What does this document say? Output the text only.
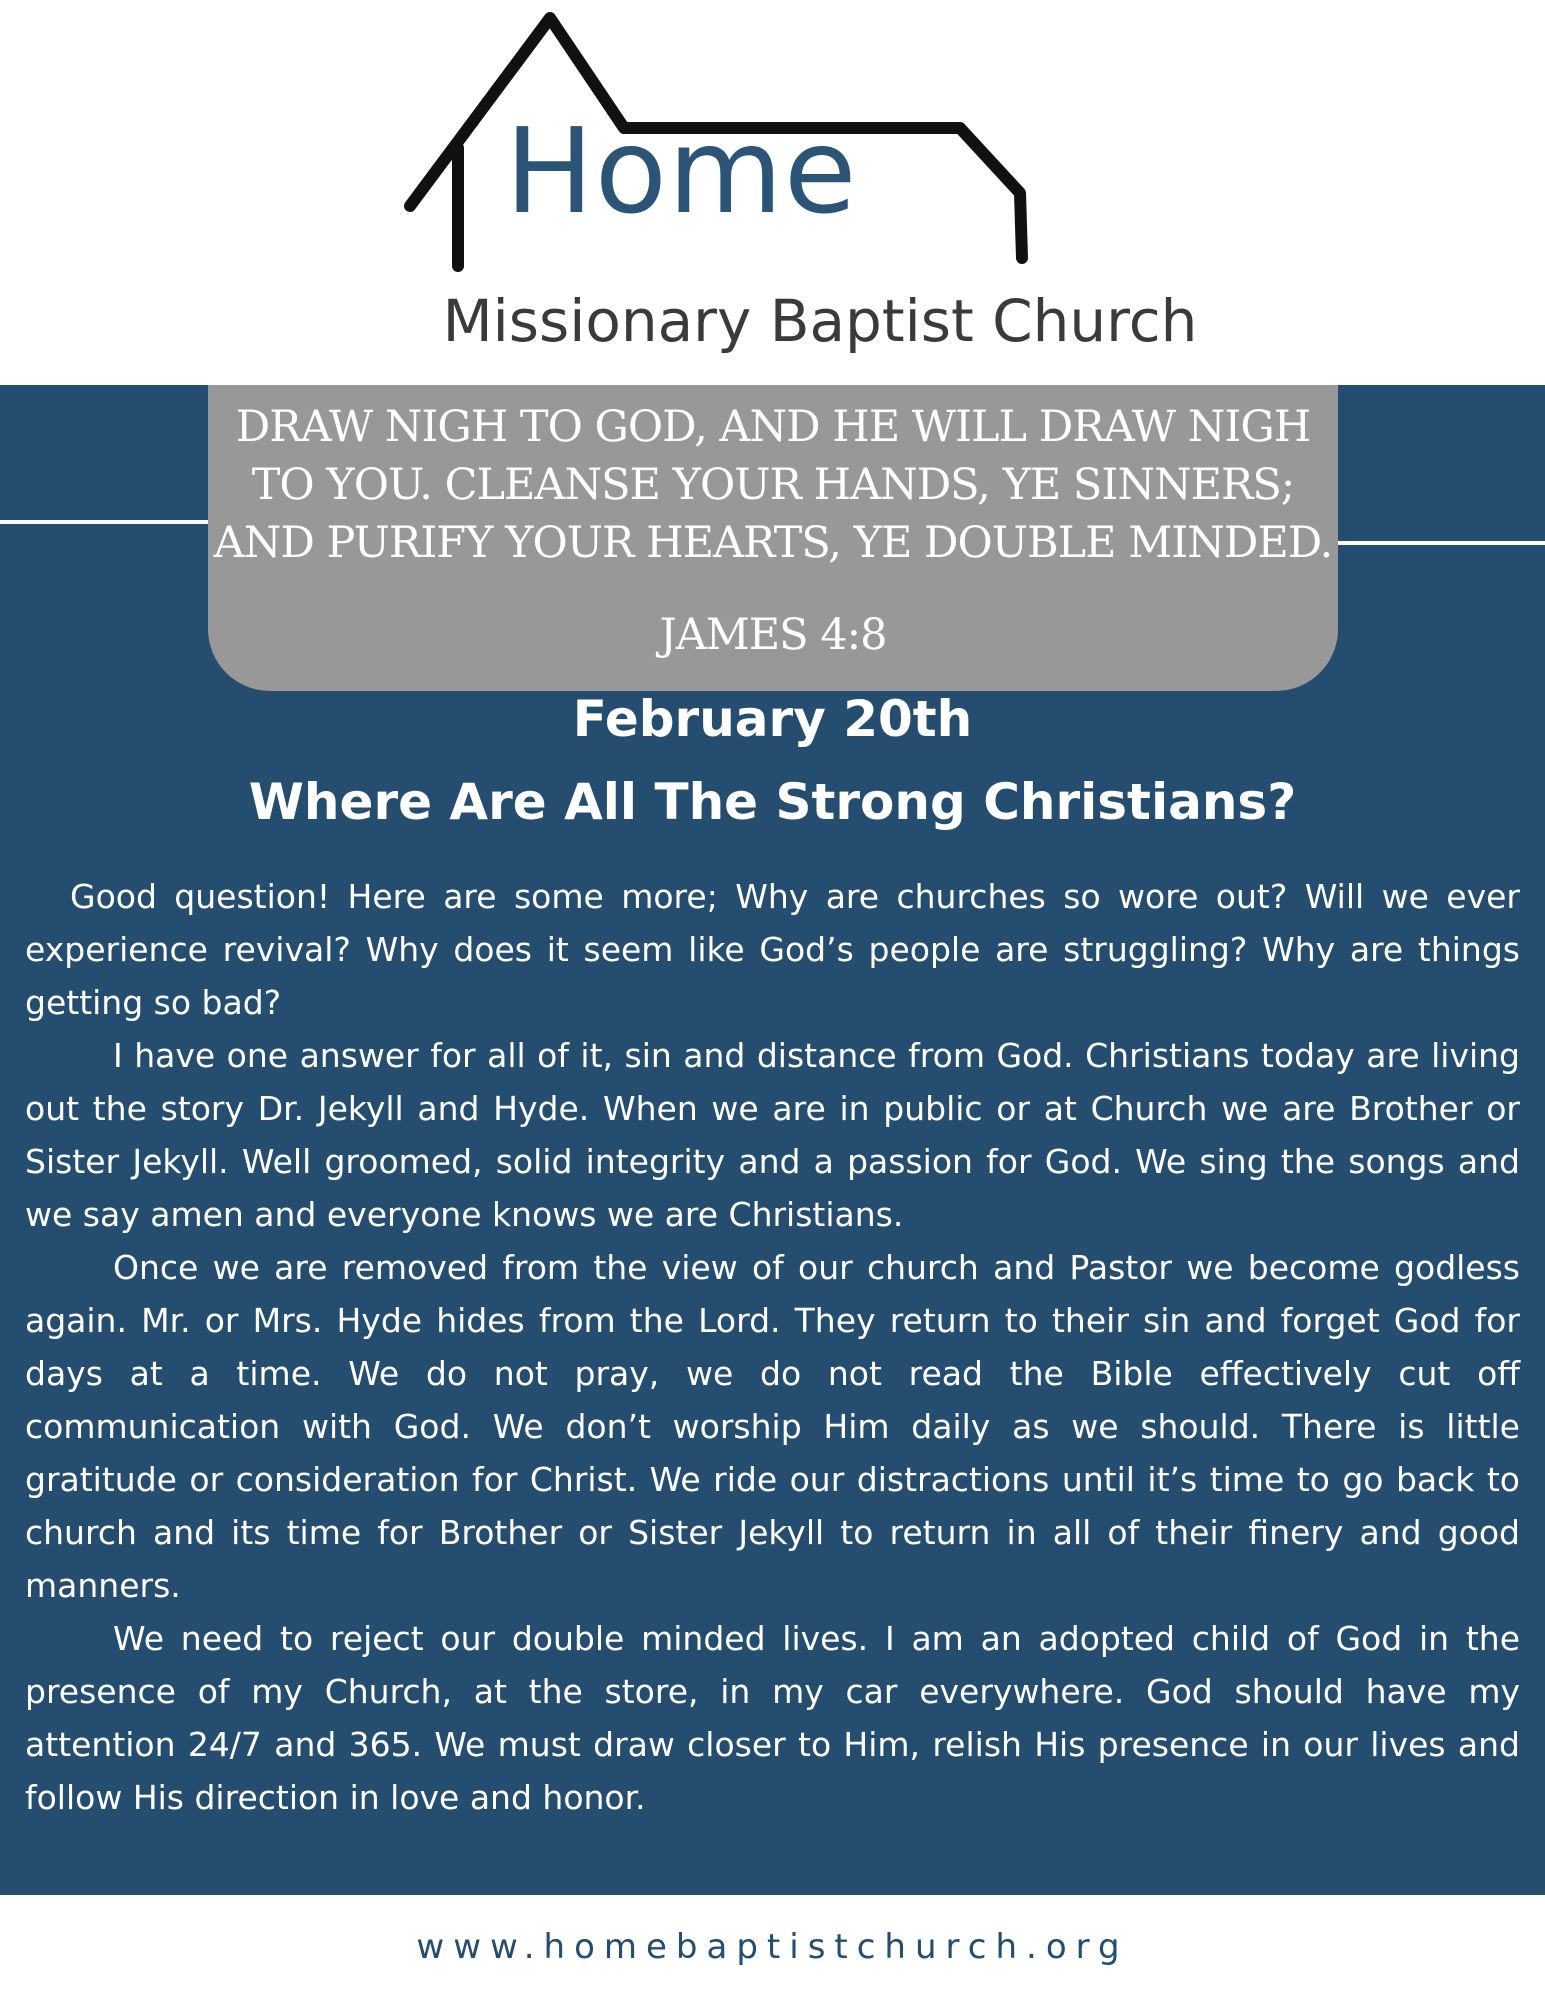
Home
Missionary Baptist Church
DRAW NIGH TO GOD, AND HE WILL DRAW NIGH
TO YOU. CLEANSE YOUR HANDS, YE SINNERS;
AND PURIFY YOUR HEARTS, YE DOUBLE MINDED.
JAMES 4:8
February 20th
Where Are All The Strong Christians?

Good question! Here are some more; Why are churches so wore out? Will we ever experience revival? Why does it seem like God’s people are struggling? Why are things getting so bad?

I have one answer for all of it, sin and distance from God. Christians today are living out the story Dr. Jekyll and Hyde. When we are in public or at Church we are Brother or Sister Jekyll. Well groomed, solid integrity and a passion for God. We sing the songs and we say amen and everyone knows we are Christians.

Once we are removed from the view of our church and Pastor we become godless again. Mr. or Mrs. Hyde hides from the Lord. They return to their sin and forget God for days at a time. We do not pray, we do not read the Bible effectively cut off communication with God. We don’t worship Him daily as we should. There is little gratitude or consideration for Christ. We ride our distractions until it’s time to go back to church and its time for Brother or Sister Jekyll to return in all of their finery and good manners.

We need to reject our double minded lives. I am an adopted child of God in the presence of my Church, at the store, in my car everywhere. God should have my attention 24/7 and 365. We must draw closer to Him, relish His presence in our lives and follow His direction in love and honor.

www.homebaptistchurch.org
